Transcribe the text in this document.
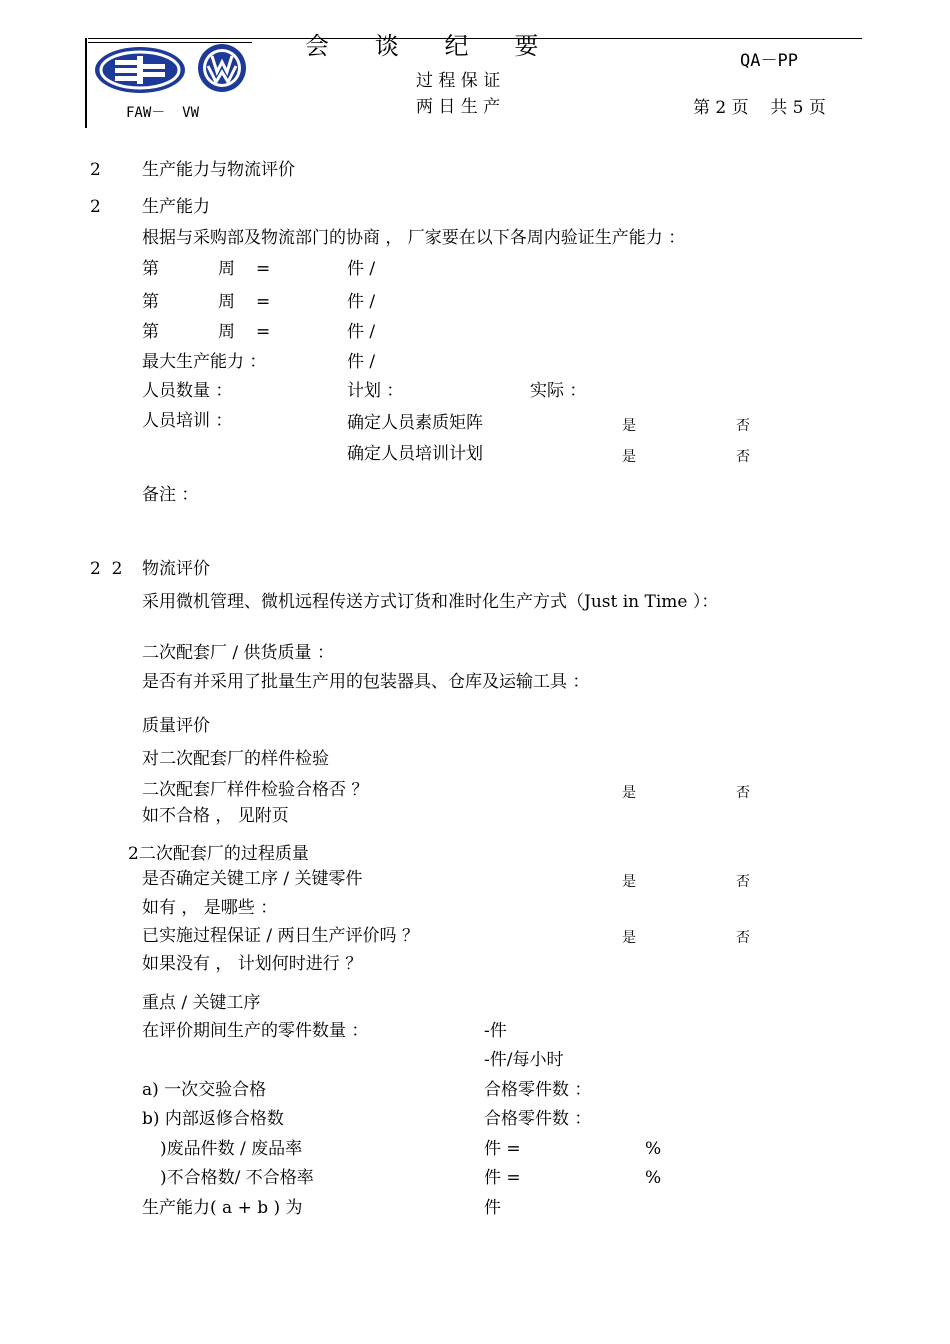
FAW－  VW
会      谈      纪      要
过 程 保 证
两 日 生 产
QA－PP
第 2 页    共 5 页
2 生产能力与物流评价
2 生产能力
根据与采购部及物流部门的协商 ， 厂家要在以下各周内验证生产能力 ：
第	周 =	件 /
第	周 =	件 /
第	周 =	件 /
最大生产能力 ：	件 /
人员数量 ：	计划 ：	实际 ：
人员培训 ：	确定人员素质矩阵	是	否
确定人员培训计划	是	否
备注 ：
2  2 物流评价
采用微机管理、微机远程传送方式订货和准时化生产方式（Just in Time ）：
二次配套厂 / 供货质量 ：
是否有并采用了批量生产用的包装器具、仓库及运输工具 ：
质量评价
对二次配套厂的样件检验
二次配套厂样件检验合格否 ？	是	否
如不合格 ， 见附页
2二次配套厂的过程质量
是否确定关键工序 / 关键零件	是	否
如有 ， 是哪些 ：
已实施过程保证 / 两日生产评价吗 ？	是	否
如果没有 ， 计划何时进行 ？
重点 / 关键工序
在评价期间生产的零件数量 ：	-件
-件/每小时
a) 一次交验合格	合格零件数 ：
b) 内部返修合格数	合格零件数 ：
)废品件数 / 废品率	件 =	%
)不合格数/ 不合格率	件 =	%
生产能力( a + b ) 为	件
